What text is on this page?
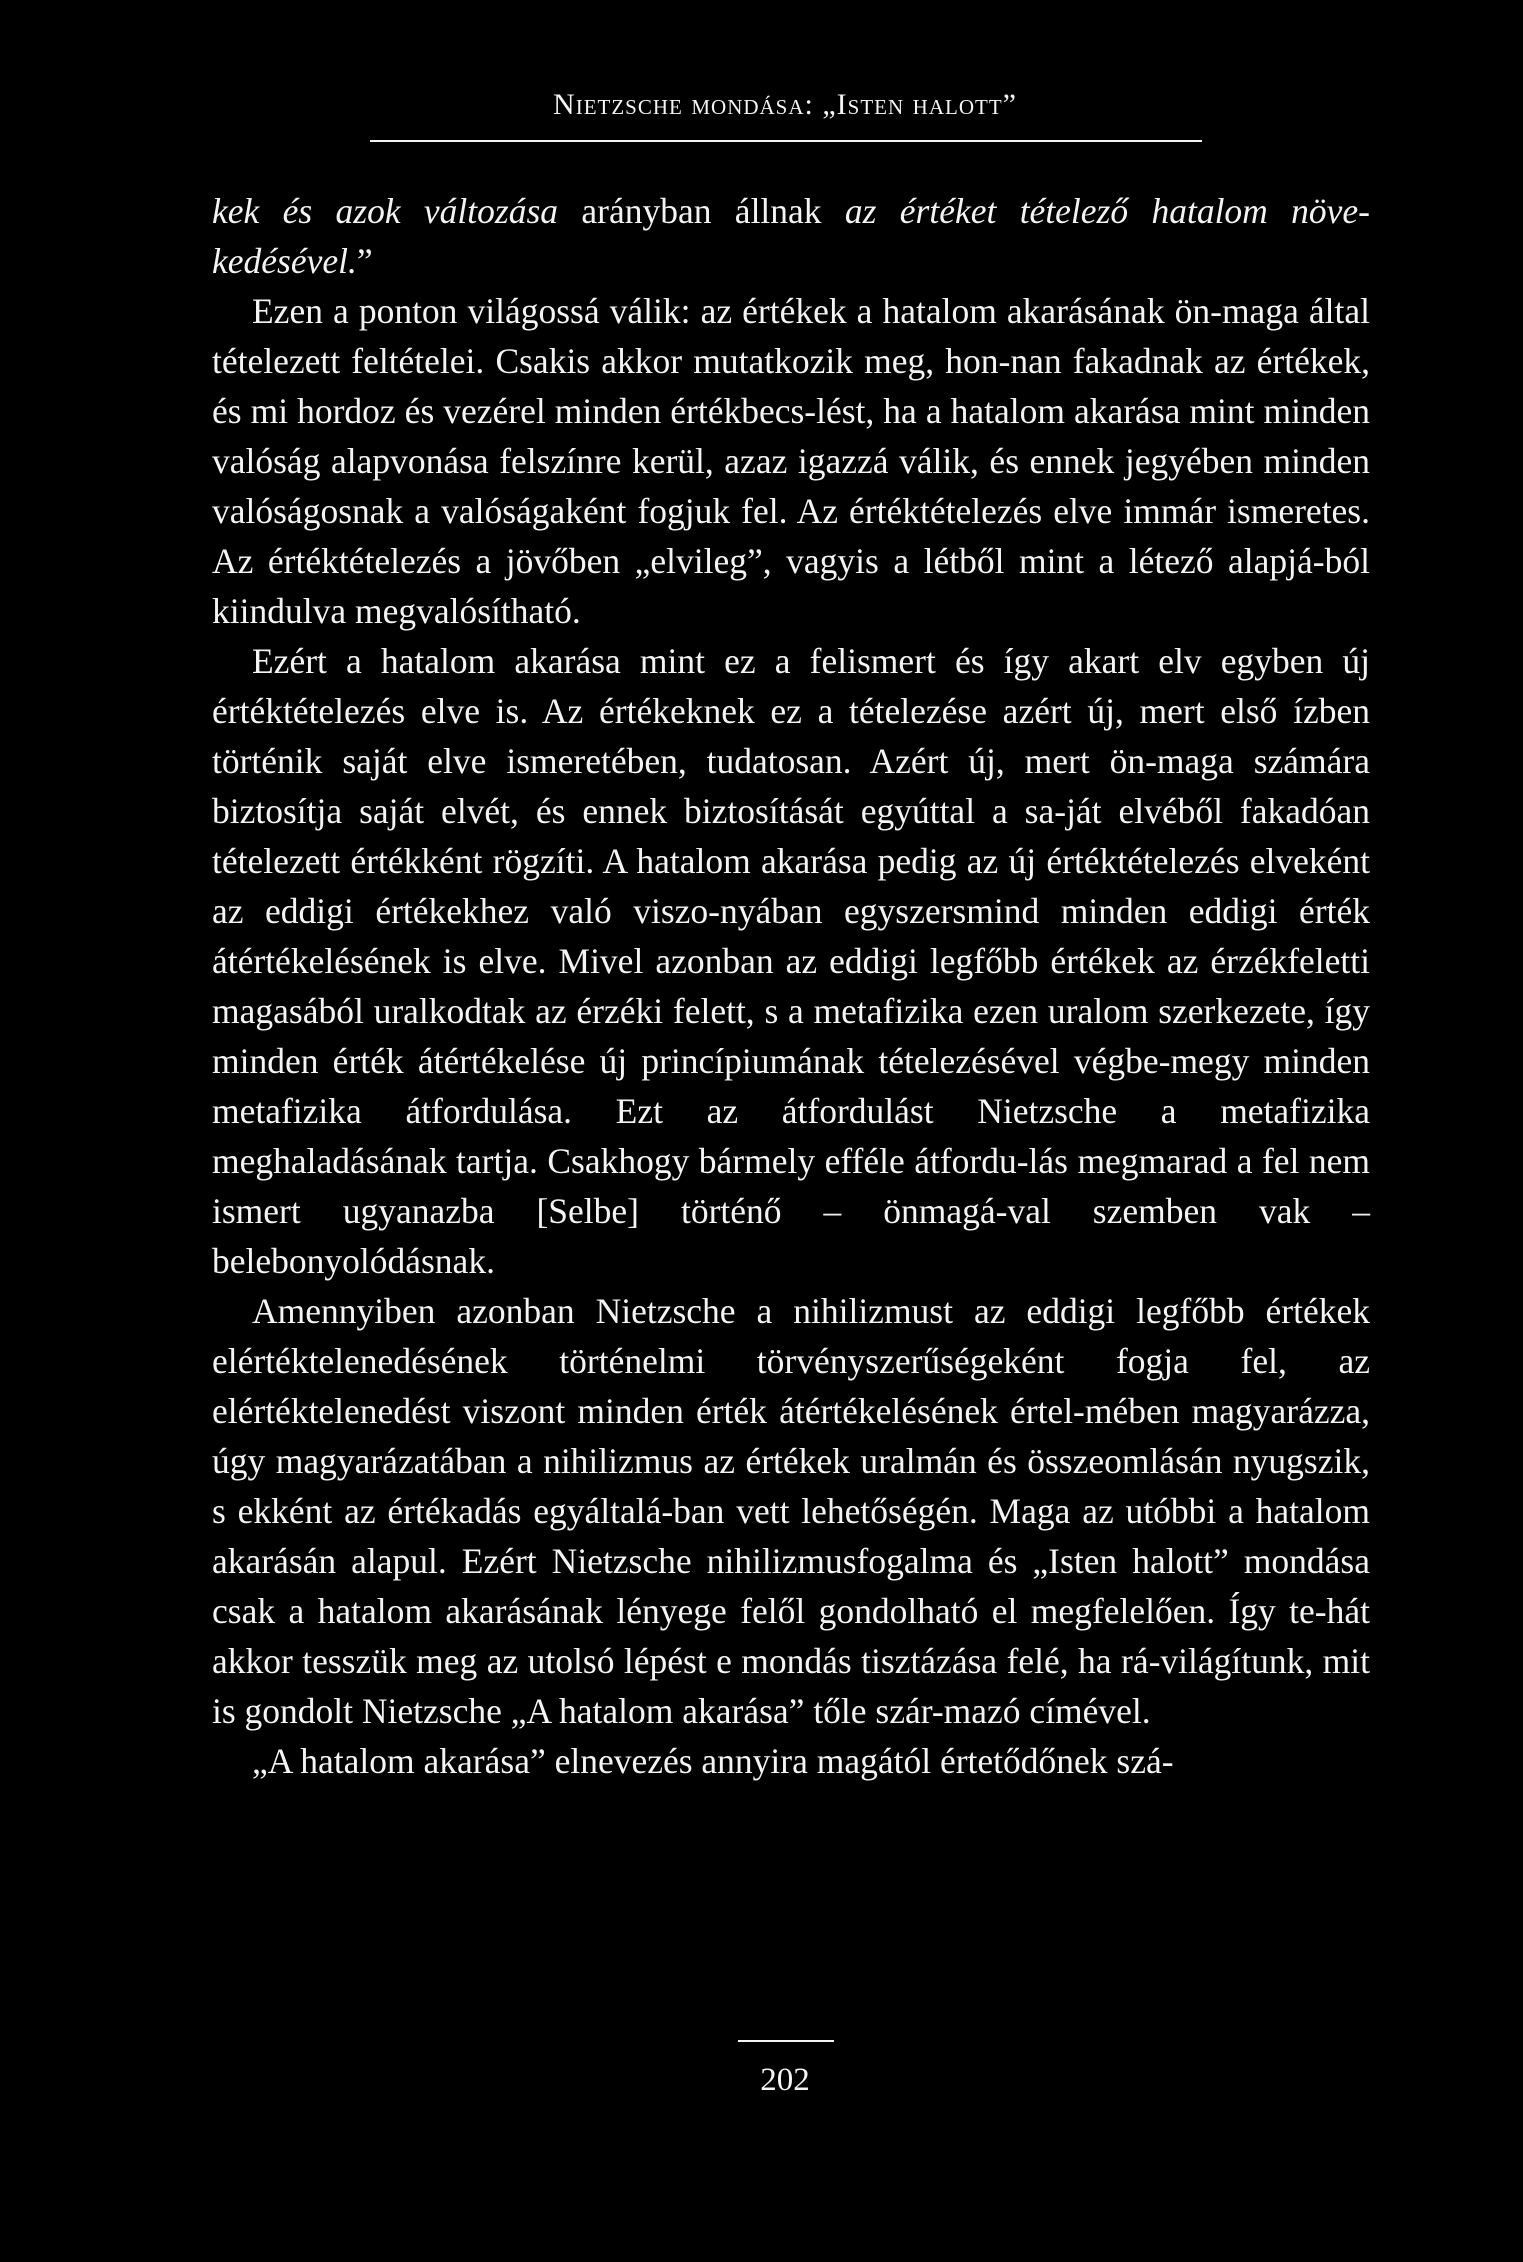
Nietzsche mondása: „Isten halott”

kek és azok változása arányban állnak az értéket tételező hatalom növe-kedésével.”

Ezen a ponton világossá válik: az értékek a hatalom akarásának ön-maga által tételezett feltételei. Csakis akkor mutatkozik meg, hon-nan fakadnak az értékek, és mi hordoz és vezérel minden értékbecs-lést, ha a hatalom akarása mint minden valóság alapvonása felszínre kerül, azaz igazzá válik, és ennek jegyében minden valóságosnak a valóságaként fogjuk fel. Az értéktételezés elve immár ismeretes. Az értéktételezés a jövőben „elvileg”, vagyis a létből mint a létező alapjá-ból kiindulva megvalósítható.

Ezért a hatalom akarása mint ez a felismert és így akart elv egyben új értéktételezés elve is. Az értékeknek ez a tételezése azért új, mert első ízben történik saját elve ismeretében, tudatosan. Azért új, mert ön-maga számára biztosítja saját elvét, és ennek biztosítását egyúttal a sa-ját elvéből fakadóan tételezett értékként rögzíti. A hatalom akarása pedig az új értéktételezés elveként az eddigi értékekhez való viszo-nyában egyszersmind minden eddigi érték átértékelésének is elve. Mivel azonban az eddigi legfőbb értékek az érzékfeletti magasából uralkodtak az érzéki felett, s a metafizika ezen uralom szerkezete, így minden érték átértékelése új princípiumának tételezésével végbe-megy minden metafizika átfordulása. Ezt az átfordulást Nietzsche a metafizika meghaladásának tartja. Csakhogy bármely efféle átfordu-lás megmarad a fel nem ismert ugyanazba [Selbe] történő – önmagá-val szemben vak – belebonyolódásnak.

Amennyiben azonban Nietzsche a nihilizmust az eddigi legfőbb értékek elértéktelenedésének történelmi törvényszerűségeként fogja fel, az elértéktelenedést viszont minden érték átértékelésének értel-mében magyarázza, úgy magyarázatában a nihilizmus az értékek uralmán és összeomlásán nyugszik, s ekként az értékadás egyáltalá-ban vett lehetőségén. Maga az utóbbi a hatalom akarásán alapul. Ezért Nietzsche nihilizmusfogalma és „Isten halott” mondása csak a hatalom akarásának lényege felől gondolható el megfelelően. Így te-hát akkor tesszük meg az utolsó lépést e mondás tisztázása felé, ha rá-világítunk, mit is gondolt Nietzsche „A hatalom akarása” tőle szár-mazó címével.

„A hatalom akarása” elnevezés annyira magától értetődőnek szá-

202
